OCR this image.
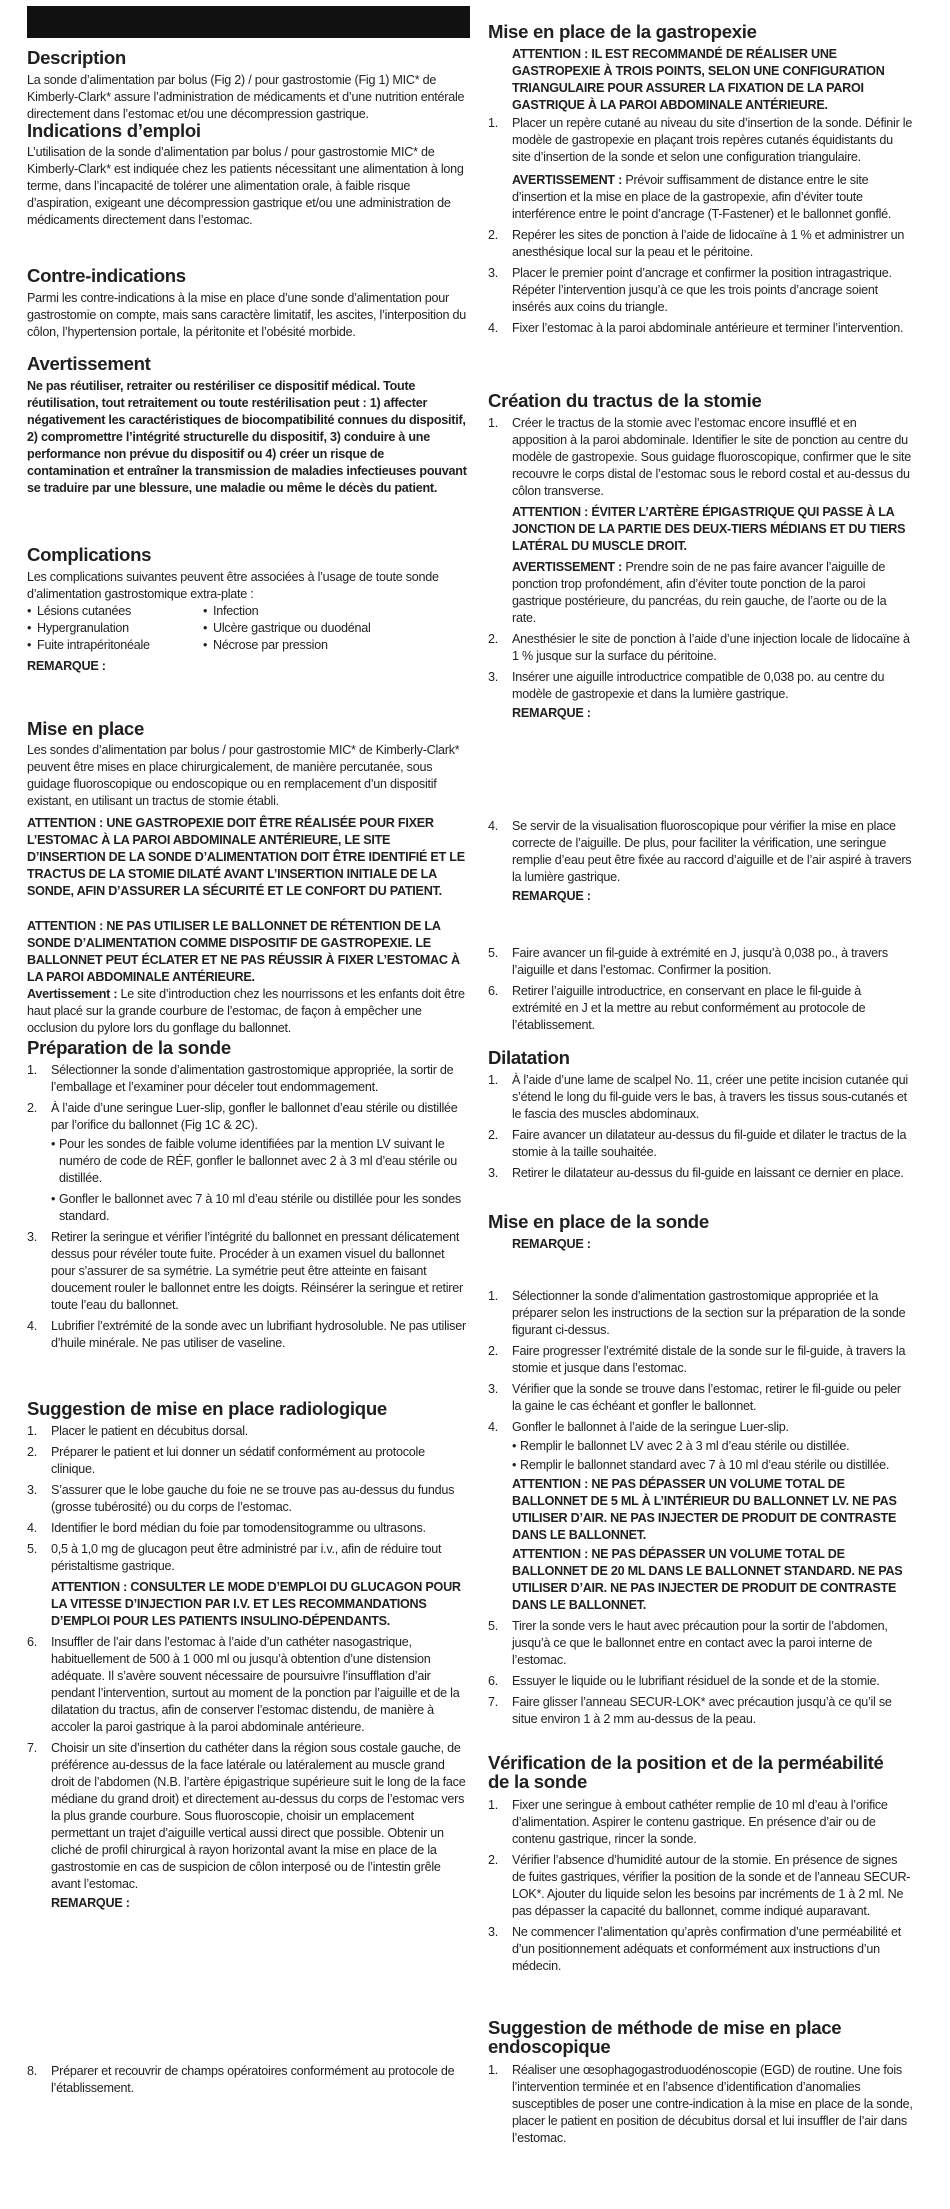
Description

La sonde d’alimentation par bolus (Fig 2) / pour gastrostomie (Fig 1) MIC* de Kimberly-Clark* assure l’administration de médicaments et d’une nutrition entérale directement dans l’estomac et/ou une décompression gastrique.

Indications d’emploi

L’utilisation de la sonde d’alimentation par bolus / pour gastrostomie MIC* de Kimberly-Clark* est indiquée chez les patients nécessitant une alimentation à long terme, dans l’incapacité de tolérer une alimentation orale, à faible risque d’aspiration, exigeant une décompression gastrique et/ou une administration de médicaments directement dans l’estomac.

Contre-indications

Parmi les contre-indications à la mise en place d’une sonde d’alimentation pour gastrostomie on compte, mais sans caractère limitatif, les ascites, l’interposition du côlon, l’hypertension portale, la péritonite et l’obésité morbide.

Avertissement

Ne pas réutiliser, retraiter ou restériliser ce dispositif médical. Toute réutilisation, tout retraitement ou toute restérilisation peut : 1) affecter négativement les caractéristiques de biocompatibilité connues du dispositif, 2) compromettre l’intégrité structurelle du dispositif, 3) conduire à une performance non prévue du dispositif ou 4) créer un risque de contamination et entraîner la transmission de maladies infectieuses pouvant se traduire par une blessure, une maladie ou même le décès du patient.

Complications

Les complications suivantes peuvent être associées à l’usage de toute sonde d’alimentation gastrostomique extra-plate :

• Lésions cutanées	• Infection
• Hypergranulation	• Ulcère gastrique ou duodénal
• Fuite intrapéritonéale	• Nécrose par pression

REMARQUE :

Mise en place

Les sondes d’alimentation par bolus / pour gastrostomie MIC* de Kimberly-Clark* peuvent être mises en place chirurgicalement, de manière percutanée, sous guidage fluoroscopique ou endoscopique ou en remplacement d’un dispositif existant, en utilisant un tractus de stomie établi.

ATTENTION : UNE GASTROPEXIE DOIT ÊTRE RÉALISÉE POUR FIXER L’ESTOMAC À LA PAROI ABDOMINALE ANTÉRIEURE, LE SITE D’INSERTION DE LA SONDE D’ALIMENTATION DOIT ÊTRE IDENTIFIÉ ET LE TRACTUS DE LA STOMIE DILATÉ AVANT L’INSERTION INITIALE DE LA SONDE, AFIN D’ASSURER LA SÉCURITÉ ET LE CONFORT DU PATIENT.

ATTENTION : NE PAS UTILISER LE BALLONNET DE RÉTENTION DE LA SONDE D’ALIMENTATION COMME DISPOSITIF DE GASTROPEXIE. LE BALLONNET PEUT ÉCLATER ET NE PAS RÉUSSIR À FIXER L’ESTOMAC À LA PAROI ABDOMINALE ANTÉRIEURE.

Avertissement : Le site d’introduction chez les nourrissons et les enfants doit être haut placé sur la grande courbure de l’estomac, de façon à empêcher une occlusion du pylore lors du gonflage du ballonnet.

Préparation de la sonde
1. Sélectionner la sonde d’alimentation gastrostomique appropriée, la sortir de l’emballage et l’examiner pour déceler tout endommagement.
2. À l’aide d’une seringue Luer-slip, gonfler le ballonnet d’eau stérile ou distillée par l’orifice du ballonnet (Fig 1C & 2C).
• Pour les sondes de faible volume identifiées par la mention LV suivant le numéro de code de RÉF, gonfler le ballonnet avec 2 à 3 ml d’eau stérile ou distillée.
• Gonfler le ballonnet avec 7 à 10 ml d’eau stérile ou distillée pour les sondes standard.
3. Retirer la seringue et vérifier l’intégrité du ballonnet en pressant délicatement dessus pour révéler toute fuite. Procéder à un examen visuel du ballonnet pour s’assurer de sa symétrie. La symétrie peut être atteinte en faisant doucement rouler le ballonnet entre les doigts. Réinsérer la seringue et retirer toute l’eau du ballonnet.
4. Lubrifier l’extrémité de la sonde avec un lubrifiant hydrosoluble. Ne pas utiliser d’huile minérale. Ne pas utiliser de vaseline.
Suggestion de mise en place radiologique
1. Placer le patient en décubitus dorsal.
2. Préparer le patient et lui donner un sédatif conformément au protocole clinique.
3. S’assurer que le lobe gauche du foie ne se trouve pas au-dessus du fundus (grosse tubérosité) ou du corps de l’estomac.
4. Identifier le bord médian du foie par tomodensitogramme ou ultrasons.
5. 0,5 à 1,0 mg de glucagon peut être administré par i.v., afin de réduire tout péristaltisme gastrique.
ATTENTION : CONSULTER LE MODE D’EMPLOI DU GLUCAGON POUR LA VITESSE D’INJECTION PAR I.V. ET LES RECOMMANDATIONS D’EMPLOI POUR LES PATIENTS INSULINO-DÉPENDANTS.
6. Insuffler de l’air dans l’estomac à l’aide d’un cathéter nasogastrique, habituellement de 500 à 1 000 ml ou jusqu’à obtention d’une distension adéquate. Il s’avère souvent nécessaire de poursuivre l’insufflation d’air pendant l’intervention, surtout au moment de la ponction par l’aiguille et de la dilatation du tractus, afin de conserver l’estomac distendu, de manière à accoler la paroi gastrique à la paroi abdominale antérieure.
7. Choisir un site d’insertion du cathéter dans la région sous costale gauche, de préférence au-dessus de la face latérale ou latéralement au muscle grand droit de l’abdomen (N.B. l’artère épigastrique supérieure suit le long de la face médiane du grand droit) et directement au-dessus du corps de l’estomac vers la plus grande courbure. Sous fluoroscopie, choisir un emplacement permettant un trajet d’aiguille vertical aussi direct que possible. Obtenir un cliché de profil chirurgical à rayon horizontal avant la mise en place de la gastrostomie en cas de suspicion de côlon interposé ou de l’intestin grêle avant l’estomac.
REMARQUE :
8. Préparer et recouvrir de champs opératoires conformément au protocole de l’établissement.
Mise en place de la gastropexie

ATTENTION : IL EST RECOMMANDÉ DE RÉALISER UNE GASTROPEXIE À TROIS POINTS, SELON UNE CONFIGURATION TRIANGULAIRE POUR ASSURER LA FIXATION DE LA PAROI GASTRIQUE À LA PAROI ABDOMINALE ANTÉRIEURE.

1. Placer un repère cutané au niveau du site d’insertion de la sonde. Définir le modèle de gastropexie en plaçant trois repères cutanés équidistants du site d’insertion de la sonde et selon une configuration triangulaire.
AVERTISSEMENT : Prévoir suffisamment de distance entre le site d’insertion et la mise en place de la gastropexie, afin d’éviter toute interférence entre le point d’ancrage (T-Fastener) et le ballonnet gonflé.
2. Repérer les sites de ponction à l’aide de lidocaïne à 1 % et administrer un anesthésique local sur la peau et le péritoine.
3. Placer le premier point d’ancrage et confirmer la position intragastrique. Répéter l’intervention jusqu’à ce que les trois points d’ancrage soient insérés aux coins du triangle.
4. Fixer l’estomac à la paroi abdominale antérieure et terminer l’intervention.
Création du tractus de la stomie
1. Créer le tractus de la stomie avec l’estomac encore insufflé et en apposition à la paroi abdominale. Identifier le site de ponction au centre du modèle de gastropexie. Sous guidage fluoroscopique, confirmer que le site recouvre le corps distal de l’estomac sous le rebord costal et au-dessus du côlon transverse.
ATTENTION : ÉVITER L’ARTÈRE ÉPIGASTRIQUE QUI PASSE À LA JONCTION DE LA PARTIE DES DEUX-TIERS MÉDIANS ET DU TIERS LATÉRAL DU MUSCLE DROIT.
AVERTISSEMENT : Prendre soin de ne pas faire avancer l’aiguille de ponction trop profondément, afin d’éviter toute ponction de la paroi gastrique postérieure, du pancréas, du rein gauche, de l’aorte ou de la rate.
2. Anesthésier le site de ponction à l’aide d’une injection locale de lidocaïne à 1 % jusque sur la surface du péritoine.
3. Insérer une aiguille introductrice compatible de 0,038 po. au centre du modèle de gastropexie et dans la lumière gastrique.
REMARQUE :
4. Se servir de la visualisation fluoroscopique pour vérifier la mise en place correcte de l’aiguille. De plus, pour faciliter la vérification, une seringue remplie d’eau peut être fixée au raccord d’aiguille et de l’air aspiré à travers la lumière gastrique.
REMARQUE :
5. Faire avancer un fil-guide à extrémité en J, jusqu’à 0,038 po., à travers l’aiguille et dans l’estomac. Confirmer la position.
6. Retirer l’aiguille introductrice, en conservant en place le fil-guide à extrémité en J et la mettre au rebut conformément au protocole de l’établissement.
Dilatation
1. À l’aide d’une lame de scalpel No. 11, créer une petite incision cutanée qui s’étend le long du fil-guide vers le bas, à travers les tissus sous-cutanés et le fascia des muscles abdominaux.
2. Faire avancer un dilatateur au-dessus du fil-guide et dilater le tractus de la stomie à la taille souhaitée.
3. Retirer le dilatateur au-dessus du fil-guide en laissant ce dernier en place.
Mise en place de la sonde

REMARQUE :

1. Sélectionner la sonde d’alimentation gastrostomique appropriée et la préparer selon les instructions de la section sur la préparation de la sonde figurant ci-dessus.
2. Faire progresser l’extrémité distale de la sonde sur le fil-guide, à travers la stomie et jusque dans l’estomac.
3. Vérifier que la sonde se trouve dans l’estomac, retirer le fil-guide ou peler la gaine le cas échéant et gonfler le ballonnet.
4. Gonfler le ballonnet à l’aide de la seringue Luer-slip.
• Remplir le ballonnet LV avec 2 à 3 ml d’eau stérile ou distillée.
• Remplir le ballonnet standard avec 7 à 10 ml d’eau stérile ou distillée.
ATTENTION : NE PAS DÉPASSER UN VOLUME TOTAL DE BALLONNET DE 5 ML À L’INTÉRIEUR DU BALLONNET LV. NE PAS UTILISER D’AIR. NE PAS INJECTER DE PRODUIT DE CONTRASTE DANS LE BALLONNET.
ATTENTION : NE PAS DÉPASSER UN VOLUME TOTAL DE BALLONNET DE 20 ML DANS LE BALLONNET STANDARD. NE PAS UTILISER D’AIR. NE PAS INJECTER DE PRODUIT DE CONTRASTE DANS LE BALLONNET.
5. Tirer la sonde vers le haut avec précaution pour la sortir de l’abdomen, jusqu’à ce que le ballonnet entre en contact avec la paroi interne de l’estomac.
6. Essuyer le liquide ou le lubrifiant résiduel de la sonde et de la stomie.
7. Faire glisser l’anneau SECUR-LOK* avec précaution jusqu’à ce qu’il se situe environ 1 à 2 mm au-dessus de la peau.
Vérification de la position et de la perméabilité
de la sonde
1. Fixer une seringue à embout cathéter remplie de 10 ml d’eau à l’orifice d’alimentation. Aspirer le contenu gastrique. En présence d’air ou de contenu gastrique, rincer la sonde.
2. Vérifier l’absence d’humidité autour de la stomie. En présence de signes de fuites gastriques, vérifier la position de la sonde et de l’anneau SECUR-LOK*. Ajouter du liquide selon les besoins par incréments de 1 à 2 ml. Ne pas dépasser la capacité du ballonnet, comme indiqué auparavant.
3. Ne commencer l’alimentation qu’après confirmation d’une perméabilité et d’un positionnement adéquats et conformément aux instructions d’un médecin.
Suggestion de méthode de mise en place
endoscopique
1. Réaliser une œsophagogastroduodénoscopie (EGD) de routine. Une fois l’intervention terminée et en l’absence d’identification d’anomalies susceptibles de poser une contre-indication à la mise en place de la sonde, placer le patient en position de décubitus dorsal et lui insuffler de l’air dans l’estomac.
